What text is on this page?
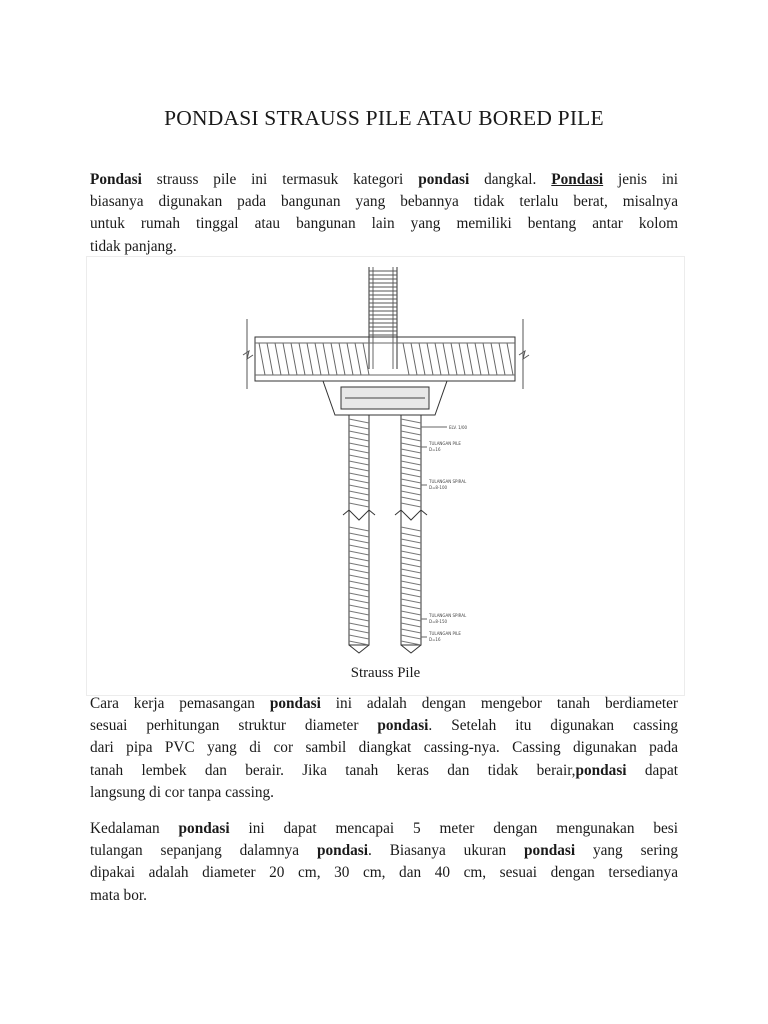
PONDASI STRAUSS PILE ATAU BORED PILE

Pondasi strauss pile ini termasuk kategori pondasi dangkal. Pondasi jenis ini
biasanya digunakan pada bangunan yang bebannya tidak terlalu berat, misalnya
untuk rumah tinggal atau bangunan lain yang memiliki bentang antar kolom
tidak panjang.

ELV. 1/00
TULANGAN PILE
D=16
TULANGAN SPIRAL
D=8-100
TULANGAN SPIRAL
D=8-150
TULANGAN PILE
D=16
Strauss Pile

Cara kerja pemasangan pondasi ini adalah dengan mengebor tanah berdiameter
sesuai perhitungan struktur diameter pondasi. Setelah itu digunakan cassing
dari pipa PVC yang di cor sambil diangkat cassing-nya. Cassing digunakan pada
tanah lembek dan berair. Jika tanah keras dan tidak berair,pondasi dapat
langsung di cor tanpa cassing.

Kedalaman pondasi ini dapat mencapai 5 meter dengan mengunakan besi
tulangan sepanjang dalamnya pondasi. Biasanya ukuran pondasi yang sering
dipakai adalah diameter 20 cm, 30 cm, dan 40 cm, sesuai dengan tersedianya
mata bor.
